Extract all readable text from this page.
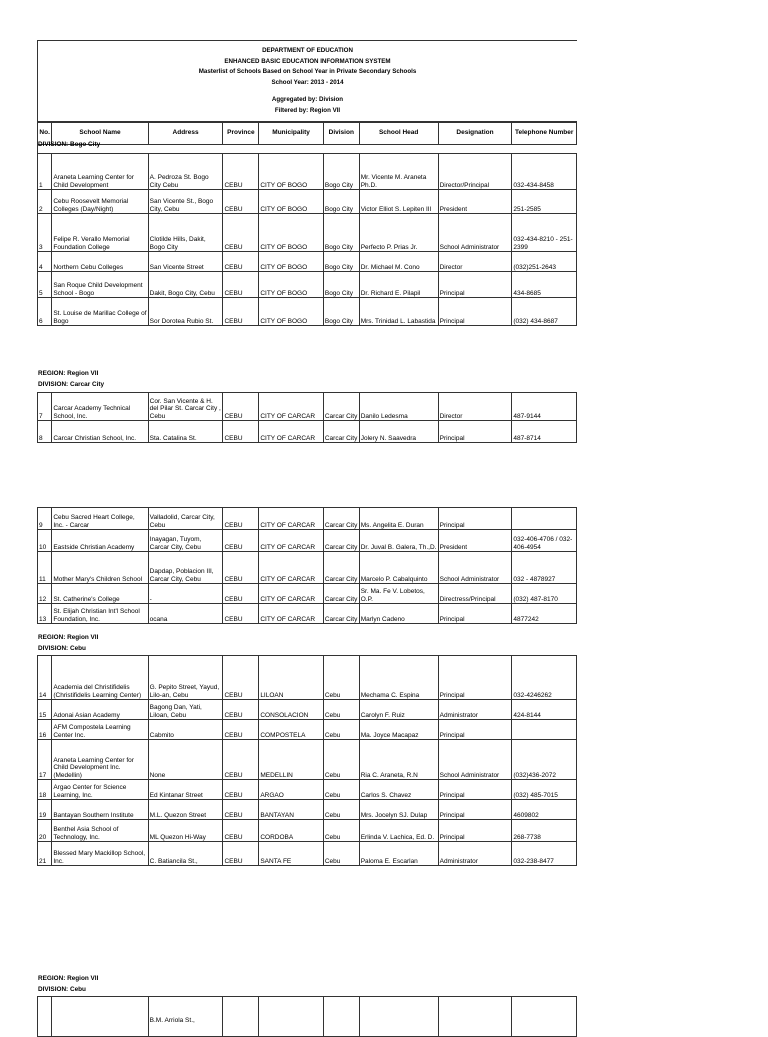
DEPARTMENT OF EDUCATION
ENHANCED BASIC EDUCATION INFORMATION SYSTEM
Masterlist of Schools Based on School Year in Private Secondary Schools
School Year: 2013 - 2014
Aggregated by: Division
Filtered by: Region VII
No.	School Name	Address	Province	Municipality	Division	School Head	Designation	Telephone Number

1	Araneta Learning Center for Child Development	A. Pedroza St. Bogo City Cebu	CEBU	CITY OF BOGO	Bogo City	Mr. Vicente M. Araneta Ph.D.	Director/Principal	032-434-8458
2	Cebu Roosevelt Memorial Colleges (Day/Night)	San Vicente St., Bogo City, Cebu	CEBU	CITY OF BOGO	Bogo City	Victor Elliot S. Lepiten III	President	251-2585
3	Felipe R. Verallo Memorial Foundation College	Clotilde Hills, Dakit, Bogo City	CEBU	CITY OF BOGO	Bogo City	Perfecto P. Prias Jr.	School Administrator	032-434-8210 - 251-2399
4	Northern Cebu Colleges	San Vicente Street	CEBU	CITY OF BOGO	Bogo City	Dr. Michael M. Cono	Director	(032)251-2643
5	San Roque Child Development School - Bogo	Dakit, Bogo City, Cebu	CEBU	CITY OF BOGO	Bogo City	Dr. Richard E. Pilapil	Principal	434-8685
6	St. Louise de Marillac College of Bogo	Sor Dorotea Rubio St.	CEBU	CITY OF BOGO	Bogo City	Mrs. Trinidad L. Labastida	Principal	(032) 434-8687
DIVISION: Bogo City
REGION: Region VII
DIVISION: Carcar City
7	Carcar Academy Technical School, Inc.	Cor. San Vicente & H. del Pilar St. Carcar City , Cebu	CEBU	CITY OF CARCAR	Carcar City	Danilo Ledesma	Director	487-9144
8	Carcar Christian School, Inc.	Sta. Catalina St.	CEBU	CITY OF CARCAR	Carcar City	Jolery N. Saavedra	Principal	487-8714
9	Cebu Sacred Heart College, Inc. - Carcar	Valladolid, Carcar City, Cebu	CEBU	CITY OF CARCAR	Carcar City	Ms. Angelita E. Duran	Principal	
10	Eastside Christian Academy	Inayagan, Tuyom, Carcar City, Cebu	CEBU	CITY OF CARCAR	Carcar City	Dr. Juval B. Galera, Th.,D.	President	032-406-4706 / 032-406-4954
11	Mother Mary's Children School	Dapdap, Poblacion III, Carcar City, Cebu	CEBU	CITY OF CARCAR	Carcar City	Marcelo P. Cabalquinto	School Administrator	032 - 4878927
12	St. Catherine's College	-	CEBU	CITY OF CARCAR	Carcar City	Sr. Ma. Fe V. Lobetos, O.P.	Directress/Principal	(032) 487-8170
13	St. Elijah Christian Int'l School Foundation, Inc.	ocana	CEBU	CITY OF CARCAR	Carcar City	Marlyn Cadeno	Principal	4877242
REGION: Region VII
DIVISION: Cebu
14	Academia del Christifidelis (Christifidelis Learning Center)	G. Pepito Street, Yayud, Lilo-an, Cebu	CEBU	LILOAN	Cebu	Mechama C. Espina	Principal	032-4246262
15	Adonai Asian Academy	Bagong Dan, Yati, Liloan, Cebu	CEBU	CONSOLACION	Cebu	Carolyn F. Ruiz	Administrator	424-8144
16	AFM Compostela Learning Center Inc.	Cabmito	CEBU	COMPOSTELA	Cebu	Ma. Joyce Macapaz	Principal	
17	Araneta Learning Center for Child Development Inc. (Medellin)	None	CEBU	MEDELLIN	Cebu	Ria C. Araneta, R.N	School Administrator	(032)436-2072
18	Argao Center for Science Learning, Inc.	Ed Kintanar Street	CEBU	ARGAO	Cebu	Carlos S. Chavez	Principal	(032) 485-7015
19	Bantayan Southern Institute	M.L. Quezon Street	CEBU	BANTAYAN	Cebu	Mrs. Jocelyn SJ. Dulap	Principal	4609802
20	Benthel Asia School of Technology, Inc.	ML Quezon Hi-Way	CEBU	CORDOBA	Cebu	Erlinda V. Lachica, Ed. D.	Principal	268-7738
21	Blessed Mary Mackillop School, Inc.	C. Batiancila St.,	CEBU	SANTA FE	Cebu	Paloma E. Escarlan	Administrator	032-238-8477
REGION: Region VII
DIVISION: Cebu
		B.M. Arriola St.,						
